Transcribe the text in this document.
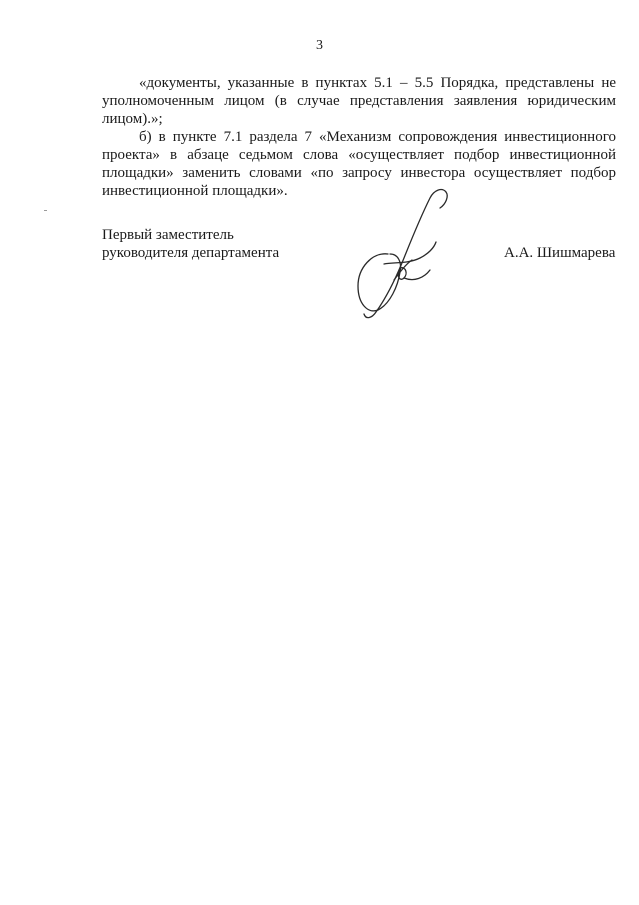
3

«документы, указанные в пунктах 5.1 – 5.5 Порядка, представлены не уполномоченным лицом (в случае представления заявления юридическим лицом).»;

б) в пункте 7.1 раздела 7 «Механизм сопровождения инвестиционного проекта» в абзаце седьмом слова «осуществляет подбор инвестиционной площадки» заменить словами «по запросу инвестора осуществляет подбор инвестиционной площадки».

Первый заместитель
руководителя департамента	А.А. Шишмарева
